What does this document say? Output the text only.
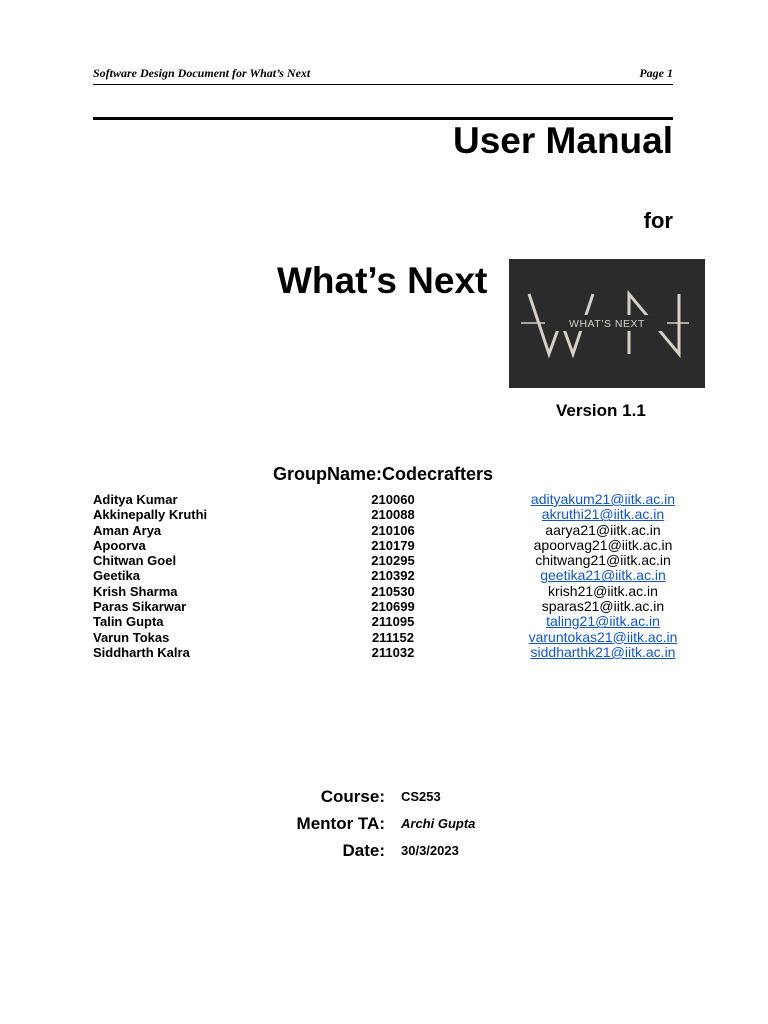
Software Design Document for What’s Next	Page 1
User Manual
for
What’s Next
WHAT’S NEXT
Version 1.1
GroupName:Codecrafters
Aditya Kumar	210060	adityakum21@iitk.ac.in
Akkinepally Kruthi	210088	akruthi21@iitk.ac.in
Aman Arya	210106	aarya21@iitk.ac.in
Apoorva	210179	apoorvag21@iitk.ac.in
Chitwan Goel	210295	chitwang21@iitk.ac.in
Geetika	210392	geetika21@iitk.ac.in
Krish Sharma	210530	krish21@iitk.ac.in
Paras Sikarwar	210699	sparas21@iitk.ac.in
Talin Gupta	211095	taling21@iitk.ac.in
Varun Tokas	211152	varuntokas21@iitk.ac.in
Siddharth Kalra	211032	siddharthk21@iitk.ac.in
Course: CS253
Mentor TA: Archi Gupta
Date: 30/3/2023
